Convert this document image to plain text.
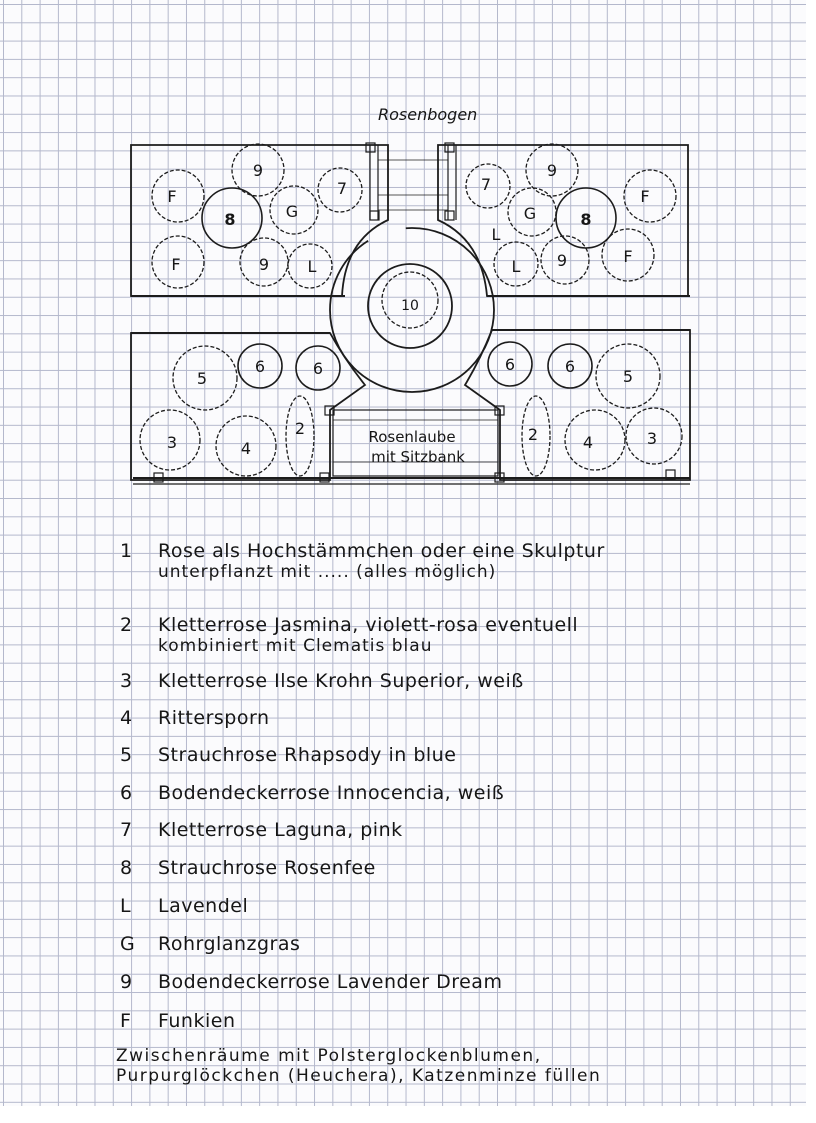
Rosenbogen
F
F
F
F
9
9
9
9
8	8
G	G
7	7
L
L
L
6	6	6	6
5	5
4	4
3	3
2	2
10
Rosenlaube
mit Sitzbank
1 Rose als Hochstämmchen oder eine Skulptur
unterpflanzt mit ..... (alles möglich)
2 Kletterrose Jasmina, violett-rosa eventuell
kombiniert mit Clematis blau
3 Kletterrose Ilse Krohn Superior, weiß
4 Rittersporn
5 Strauchrose Rhapsody in blue
6 Bodendeckerrose Innocencia, weiß
7 Kletterrose Laguna, pink
8 Strauchrose Rosenfee
L Lavendel
G Rohrglanzgras
9 Bodendeckerrose Lavender Dream
F Funkien
Zwischenräume mit Polsterglockenblumen,
Purpurglöckchen (Heuchera), Katzenminze füllen
